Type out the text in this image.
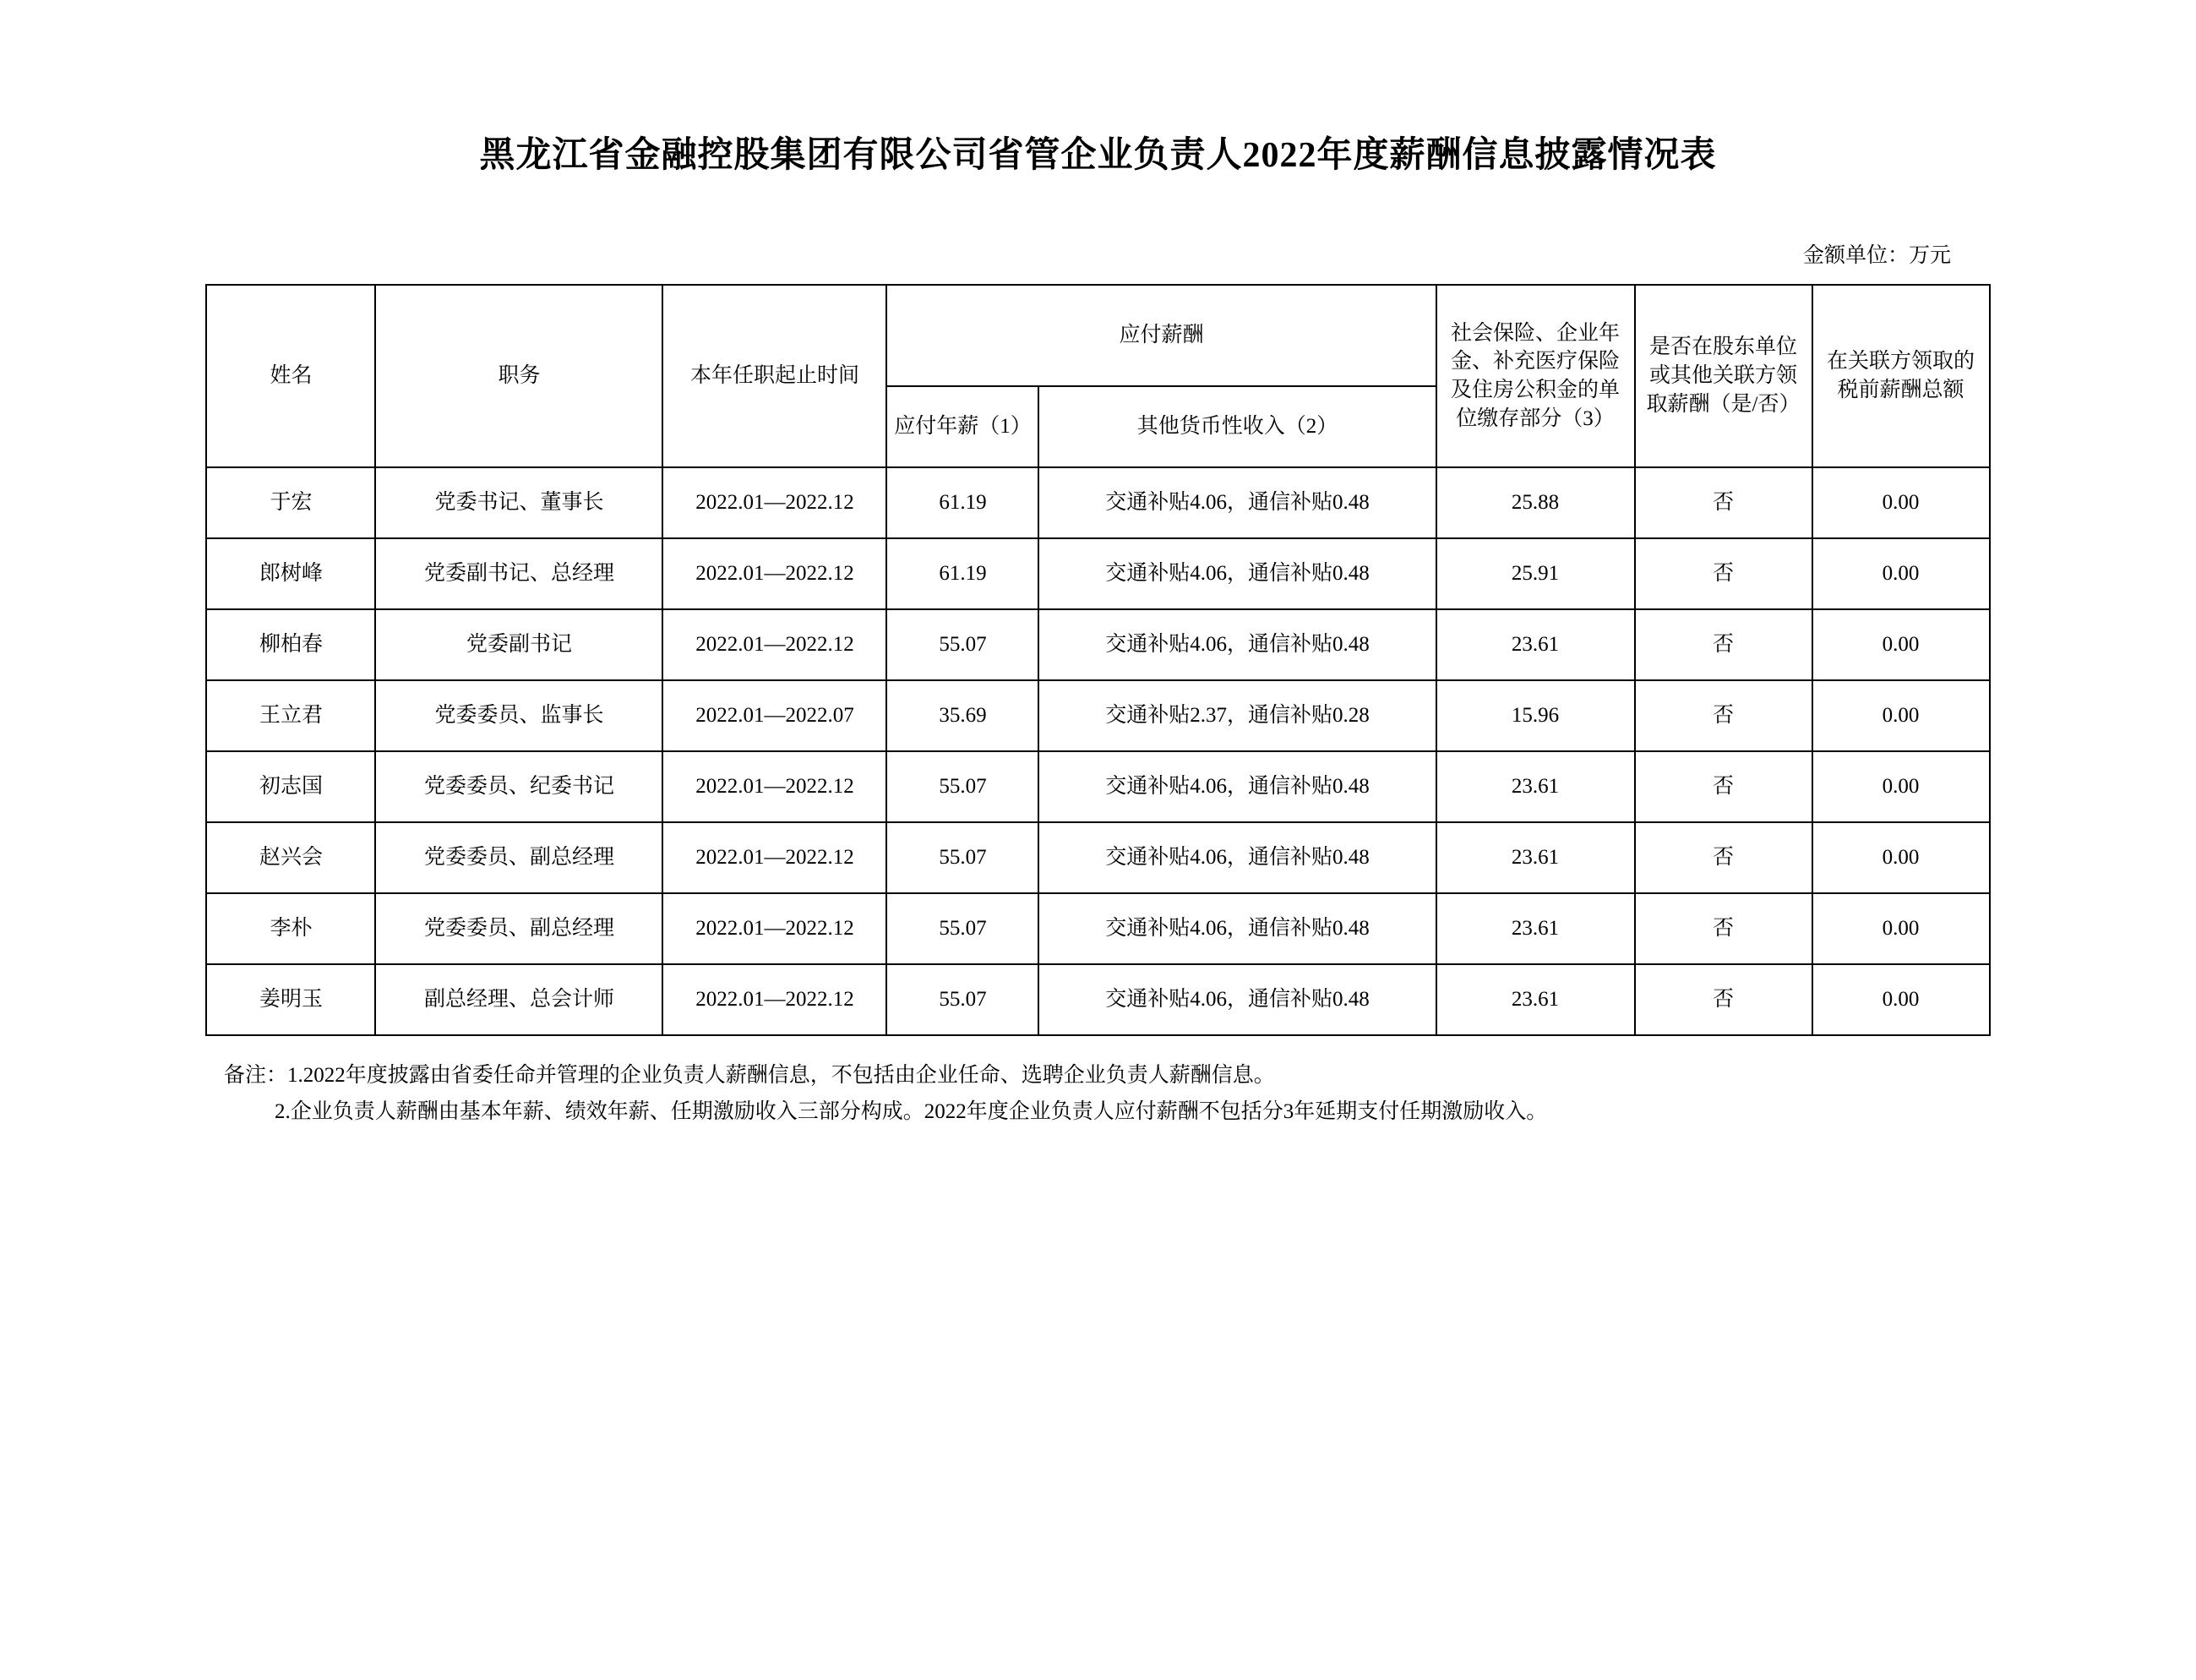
黑龙江省金融控股集团有限公司省管企业负责人2022年度薪酬信息披露情况表
金额单位：万元
姓名	职务	本年任职起止时间	应付薪酬		社会保险、企业年金、补充医疗保险及住房公积金的单位缴存部分（3）	是否在股东单位或其他关联方领取薪酬（是/否）	在关联方领取的税前薪酬总额
			应付年薪（1）	其他货币性收入（2）			
于宏	党委书记、董事长	2022.01—2022.12	61.19	交通补贴4.06，通信补贴0.48	25.88	否	0.00
郎树峰	党委副书记、总经理	2022.01—2022.12	61.19	交通补贴4.06，通信补贴0.48	25.91	否	0.00
柳柏春	党委副书记	2022.01—2022.12	55.07	交通补贴4.06，通信补贴0.48	23.61	否	0.00
王立君	党委委员、监事长	2022.01—2022.07	35.69	交通补贴2.37，通信补贴0.28	15.96	否	0.00
初志国	党委委员、纪委书记	2022.01—2022.12	55.07	交通补贴4.06，通信补贴0.48	23.61	否	0.00
赵兴会	党委委员、副总经理	2022.01—2022.12	55.07	交通补贴4.06，通信补贴0.48	23.61	否	0.00
李朴	党委委员、副总经理	2022.01—2022.12	55.07	交通补贴4.06，通信补贴0.48	23.61	否	0.00
姜明玉	副总经理、总会计师	2022.01—2022.12	55.07	交通补贴4.06，通信补贴0.48	23.61	否	0.00
备注：1.2022年度披露由省委任命并管理的企业负责人薪酬信息，不包括由企业任命、选聘企业负责人薪酬信息。
2.企业负责人薪酬由基本年薪、绩效年薪、任期激励收入三部分构成。2022年度企业负责人应付薪酬不包括分3年延期支付任期激励收入。
